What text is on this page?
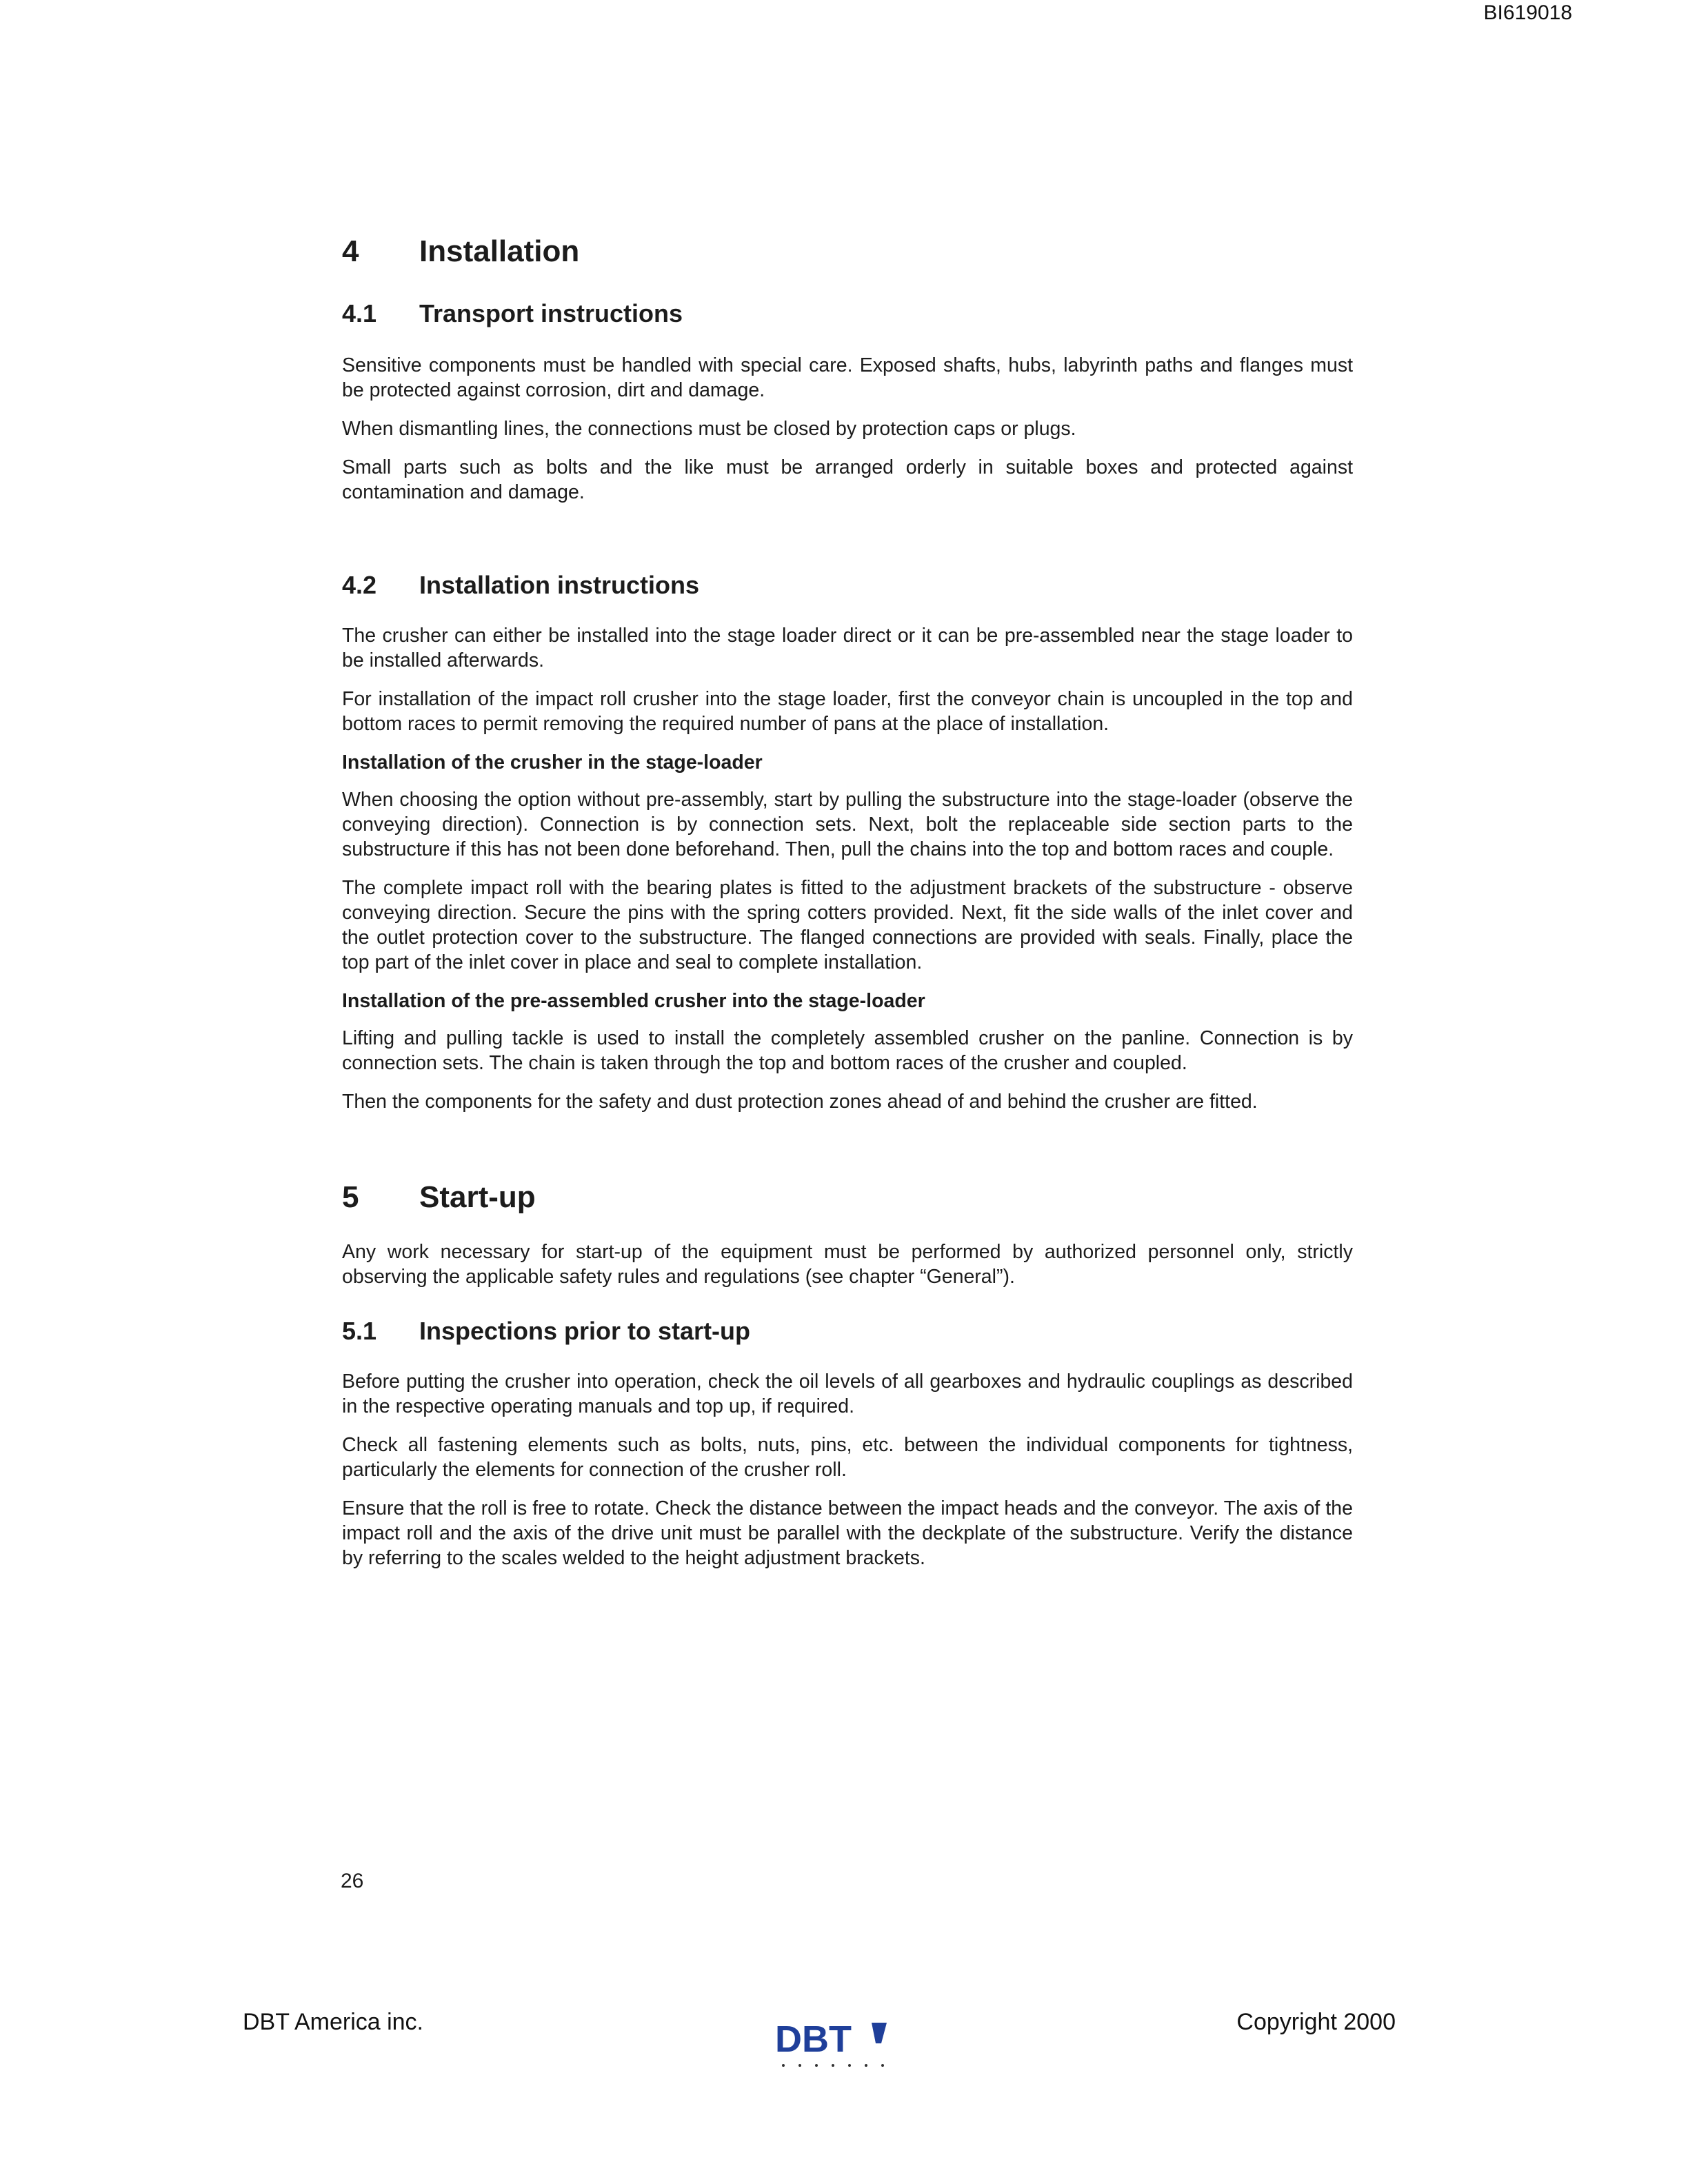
BI619018
4	Installation
4.1	Transport instructions

Sensitive components must be handled with special care. Exposed shafts, hubs, labyrinth paths and flanges must be protected against corrosion, dirt and damage.

When dismantling lines, the connections must be closed by protection caps or plugs.

Small parts such as bolts and the like must be arranged orderly in suitable boxes and protected against contamination and damage.

4.2	Installation instructions

The crusher can either be installed into the stage loader direct or it can be pre-assembled near the stage loader to be installed afterwards.

For installation of the impact roll crusher into the stage loader, first the conveyor chain is uncoupled in the top and bottom races to permit removing the required number of pans at the place of installation.

Installation of the crusher in the stage-loader

When choosing the option without pre-assembly, start by pulling the substructure into the stage-loader (observe the conveying direction). Connection is by connection sets. Next, bolt the replaceable side section parts to the substructure if this has not been done beforehand. Then, pull the chains into the top and bottom races and couple.

The complete impact roll with the bearing plates is fitted to the adjustment brackets of the substructure - observe conveying direction. Secure the pins with the spring cotters provided. Next, fit the side walls of the inlet cover and the outlet protection cover to the substructure. The flanged connections are provided with seals. Finally, place the top part of the inlet cover in place and seal to complete installation.

Installation of the pre-assembled crusher into the stage-loader

Lifting and pulling tackle is used to install the completely assembled crusher on the panline. Connection is by connection sets. The chain is taken through the top and bottom races of the crusher and coupled.

Then the components for the safety and dust protection zones ahead of and behind the crusher are fitted.

5	Start-up

Any work necessary for start-up of the equipment must be performed by authorized personnel only, strictly observing the applicable safety rules and regulations (see chapter “General”).

5.1	Inspections prior to start-up

Before putting the crusher into operation, check the oil levels of all gearboxes and hydraulic couplings as described in the respective operating manuals and top up, if required.

Check all fastening elements such as bolts, nuts, pins, etc. between the individual components for tightness, particularly the elements for connection of the crusher roll.

Ensure that the roll is free to rotate. Check the distance between the impact heads and the conveyor. The axis of the impact roll and the axis of the drive unit must be parallel with the deckplate of the substructure. Verify the distance by referring to the scales welded to the height adjustment brackets.

26
DBT America inc.	DBT	Copyright 2000
